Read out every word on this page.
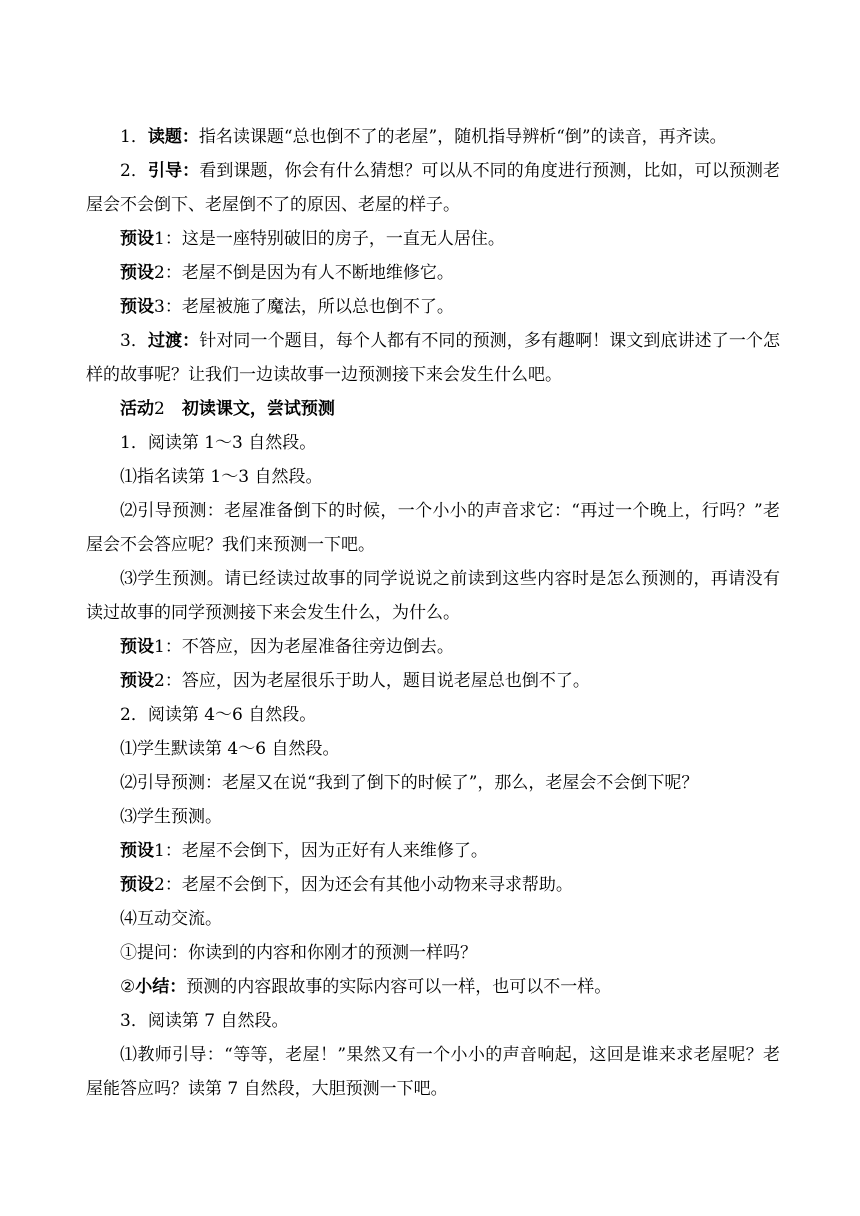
1．读题：指名读课题“总也倒不了的老屋”，随机指导辨析“倒”的读音，再齐读。

2．引导：看到课题，你会有什么猜想？可以从不同的角度进行预测，比如，可以预测老屋会不会倒下、老屋倒不了的原因、老屋的样子。

预设1：这是一座特别破旧的房子，一直无人居住。

预设2：老屋不倒是因为有人不断地维修它。

预设3：老屋被施了魔法，所以总也倒不了。

3．过渡：针对同一个题目，每个人都有不同的预测，多有趣啊！课文到底讲述了一个怎样的故事呢？让我们一边读故事一边预测接下来会发生什么吧。

活动2　初读课文，尝试预测

1．阅读第 1～3 自然段。

⑴指名读第 1～3 自然段。

⑵引导预测：老屋准备倒下的时候，一个小小的声音求它：“再过一个晚上，行吗？”老屋会不会答应呢？我们来预测一下吧。

⑶学生预测。请已经读过故事的同学说说之前读到这些内容时是怎么预测的，再请没有读过故事的同学预测接下来会发生什么，为什么。

预设1：不答应，因为老屋准备往旁边倒去。

预设2：答应，因为老屋很乐于助人，题目说老屋总也倒不了。

2．阅读第 4～6 自然段。

⑴学生默读第 4～6 自然段。

⑵引导预测：老屋又在说“我到了倒下的时候了”，那么，老屋会不会倒下呢？

⑶学生预测。

预设1：老屋不会倒下，因为正好有人来维修了。

预设2：老屋不会倒下，因为还会有其他小动物来寻求帮助。

⑷互动交流。

①提问：你读到的内容和你刚才的预测一样吗？

②小结：预测的内容跟故事的实际内容可以一样，也可以不一样。

3．阅读第 7 自然段。

⑴教师引导：“等等，老屋！”果然又有一个小小的声音响起，这回是谁来求老屋呢？老屋能答应吗？读第 7 自然段，大胆预测一下吧。
